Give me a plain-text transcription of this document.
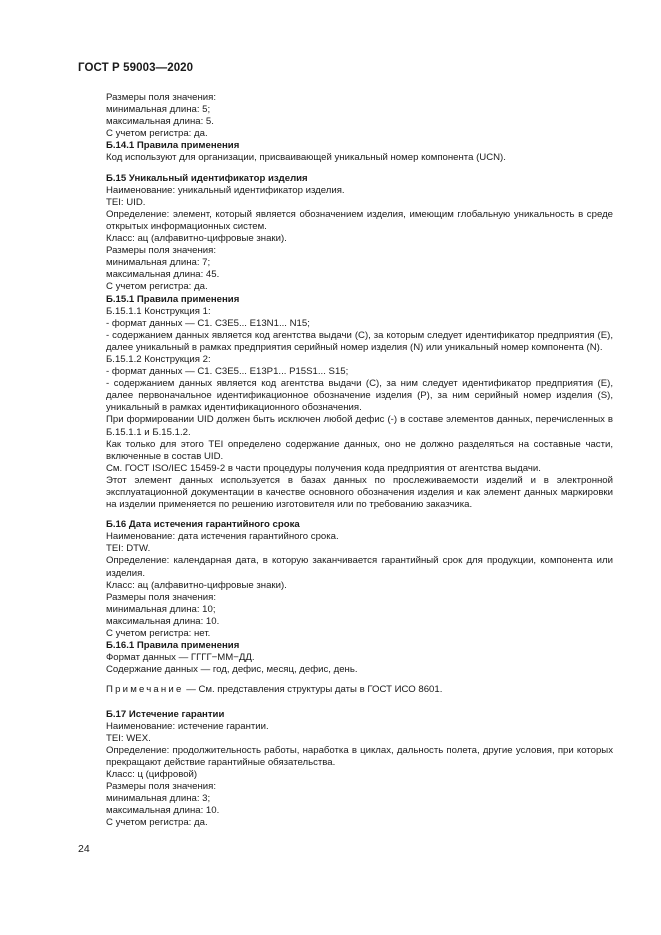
ГОСТ Р 59003—2020

Размеры поля значения:

минимальная длина: 5;

максимальная длина: 5.

С учетом регистра: да.

Б.14.1 Правила применения

Код используют для организации, присваивающей уникальный номер компонента (UCN).

Б.15 Уникальный идентификатор изделия

Наименование: уникальный идентификатор изделия.

TEI: UID.

Определение: элемент, который является обозначением изделия, имеющим глобальную уникальность в среде открытых информационных систем.

Класс: ац (алфавитно-цифровые знаки).

Размеры поля значения:

минимальная длина: 7;

максимальная длина: 45.

С учетом регистра: да.

Б.15.1 Правила применения

Б.15.1.1 Конструкция 1:

- формат данных — C1. C3E5... E13N1... N15;

- содержанием данных является код агентства выдачи (C), за которым следует идентификатор предприятия (E), далее уникальный в рамках предприятия серийный номер изделия (N) или уникальный номер компонента (N).

Б.15.1.2 Конструкция 2:

- формат данных — C1. C3E5... E13P1... P15S1... S15;

- содержанием данных является код агентства выдачи (C), за ним следует идентификатор предприятия (E), далее первоначальное идентификационное обозначение изделия (P), за ним серийный номер изделия (S), уникальный в рамках идентификационного обозначения.

При формировании UID должен быть исключен любой дефис (-) в составе элементов данных, перечисленных в Б.15.1.1 и Б.15.1.2.

Как только для этого TEI определено содержание данных, оно не должно разделяться на составные части, включенные в состав UID.

См. ГОСТ ISO/IEC 15459-2 в части процедуры получения кода предприятия от агентства выдачи.

Этот элемент данных используется в базах данных по прослеживаемости изделий и в электронной эксплуатационной документации в качестве основного обозначения изделия и как элемент данных маркировки на изделии применяется по решению изготовителя или по требованию заказчика.

Б.16 Дата истечения гарантийного срока

Наименование: дата истечения гарантийного срока.

TEI: DTW.

Определение: календарная дата, в которую заканчивается гарантийный срок для продукции, компонента или изделия.

Класс: ац (алфавитно-цифровые знаки).

Размеры поля значения:

минимальная длина: 10;

максимальная длина: 10.

С учетом регистра: нет.

Б.16.1 Правила применения

Формат данных — ГГГГ−ММ−ДД.

Содержание данных — год, дефис, месяц, дефис, день.

Примечание — См. представления структуры даты в ГОСТ ИСО 8601.

Б.17 Истечение гарантии

Наименование: истечение гарантии.

TEI: WEX.

Определение: продолжительность работы, наработка в циклах, дальность полета, другие условия, при которых прекращают действие гарантийные обязательства.

Класс: ц (цифровой)

Размеры поля значения:

минимальная длина: 3;

максимальная длина: 10.

С учетом регистра: да.

24
